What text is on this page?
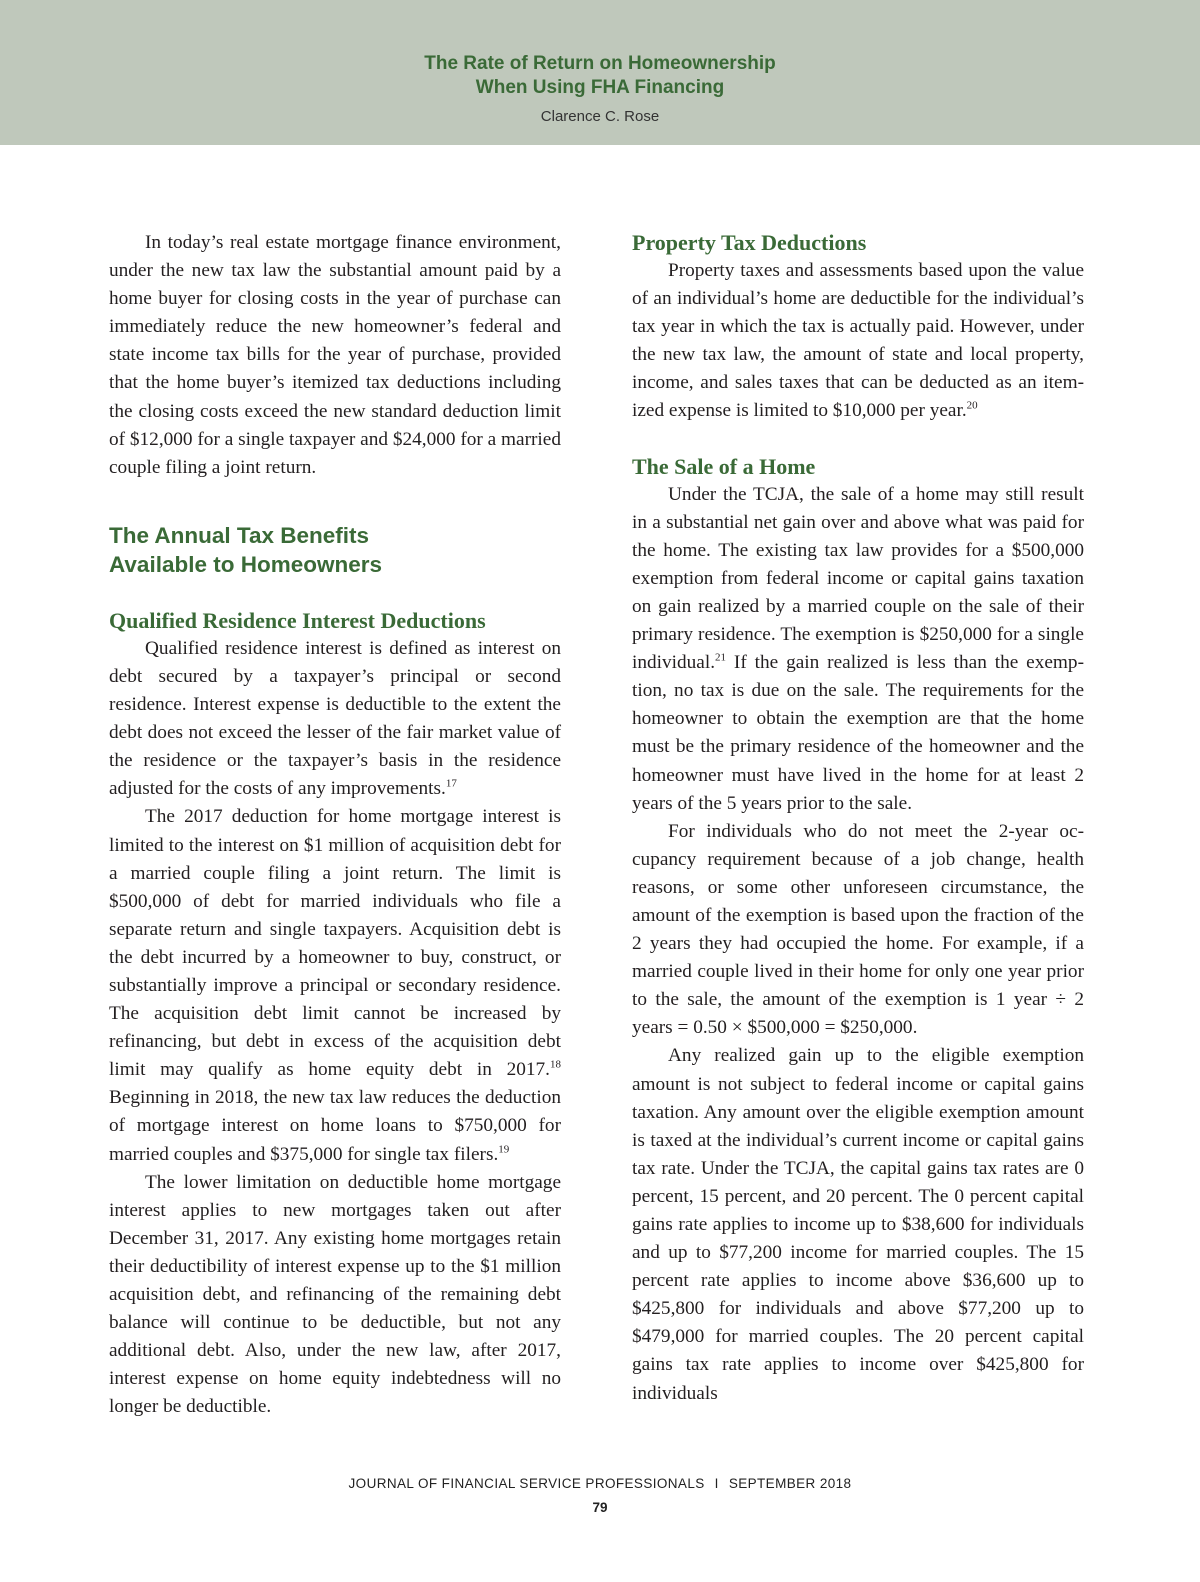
The Rate of Return on Homeownership
When Using FHA Financing
Clarence C. Rose

In today’s real estate mortgage finance environment, under the new tax law the substantial amount paid by a home buyer for closing costs in the year of purchase can immediately reduce the new homeowner’s federal and state income tax bills for the year of purchase, provided that the home buyer’s itemized tax deductions including the closing costs exceed the new standard deduction limit of $12,000 for a single taxpayer and $24,000 for a married couple filing a joint return.

The Annual Tax Benefits
Available to Homeowners
Qualified Residence Interest Deductions

Qualified residence interest is defined as interest on debt secured by a taxpayer’s principal or second residence. Interest expense is deductible to the extent the debt does not exceed the lesser of the fair market value of the residence or the taxpayer’s basis in the residence adjusted for the costs of any improvements.$^{17}$

The 2017 deduction for home mortgage interest is limited to the interest on $1 million of acquisition debt for a married couple filing a joint return. The limit is $500,000 of debt for married individuals who file a separate return and single taxpayers. Acquisition debt is the debt incurred by a homeowner to buy, construct, or substantially improve a principal or secondary residence. The acquisition debt limit cannot be increased by refinancing, but debt in excess of the acquisition debt limit may qualify as home equity debt in 2017.18 Beginning in 2018, the new tax law reduces the deduction of mortgage interest on home loans to $750,000 for married couples and $375,000 for single tax filers.$^{19}$

The lower limitation on deductible home mortgage interest applies to new mortgages taken out after December 31, 2017. Any existing home mortgages retain their deductibility of interest expense up to the $1 million acquisition debt, and refinancing of the remaining debt balance will continue to be deductible, but not any additional debt. Also, under the new law, after 2017, interest expense on home equity indebtedness will no longer be deductible.

Property Tax Deductions

Property taxes and assessments based upon the value of an individual’s home are deductible for the individual’s tax year in which the tax is actually paid. However, under the new tax law, the amount of state and local property, income, and sales taxes that can be deducted as an itemized expense is limited to $10,000 per year.$^{20}$

The Sale of a Home

Under the TCJA, the sale of a home may still result in a substantial net gain over and above what was paid for the home. The existing tax law provides for a $500,000 exemption from federal income or capital gains taxation on gain realized by a married couple on the sale of their primary residence. The exemption is $250,000 for a single individual.$^{21}$ If the gain realized is less than the exemption, no tax is due on the sale. The requirements for the homeowner to obtain the exemption are that the home must be the primary residence of the homeowner and the homeowner must have lived in the home for at least 2 years of the 5 years prior to the sale.

For individuals who do not meet the 2-year occupancy requirement because of a job change, health reasons, or some other unforeseen circumstance, the amount of the exemption is based upon the fraction of the 2 years they had occupied the home. For example, if a married couple lived in their home for only one year prior to the sale, the amount of the exemption is 1 year ÷ 2 years = 0.50 × $500,000 = $250,000.

Any realized gain up to the eligible exemption amount is not subject to federal income or capital gains taxation. Any amount over the eligible exemption amount is taxed at the individual’s current income or capital gains tax rate. Under the TCJA, the capital gains tax rates are 0 percent, 15 percent, and 20 percent. The 0 percent capital gains rate applies to income up to $38,600 for individuals and up to $77,200 income for married couples. The 15 percent rate applies to income above $36,600 up to $425,800 for individuals and above $77,200 up to $479,000 for married couples. The 20 percent capital gains tax rate applies to income over $425,800 for individuals

JOURNAL OF FINANCIAL SERVICE PROFESSIONALS I SEPTEMBER 2018
79
